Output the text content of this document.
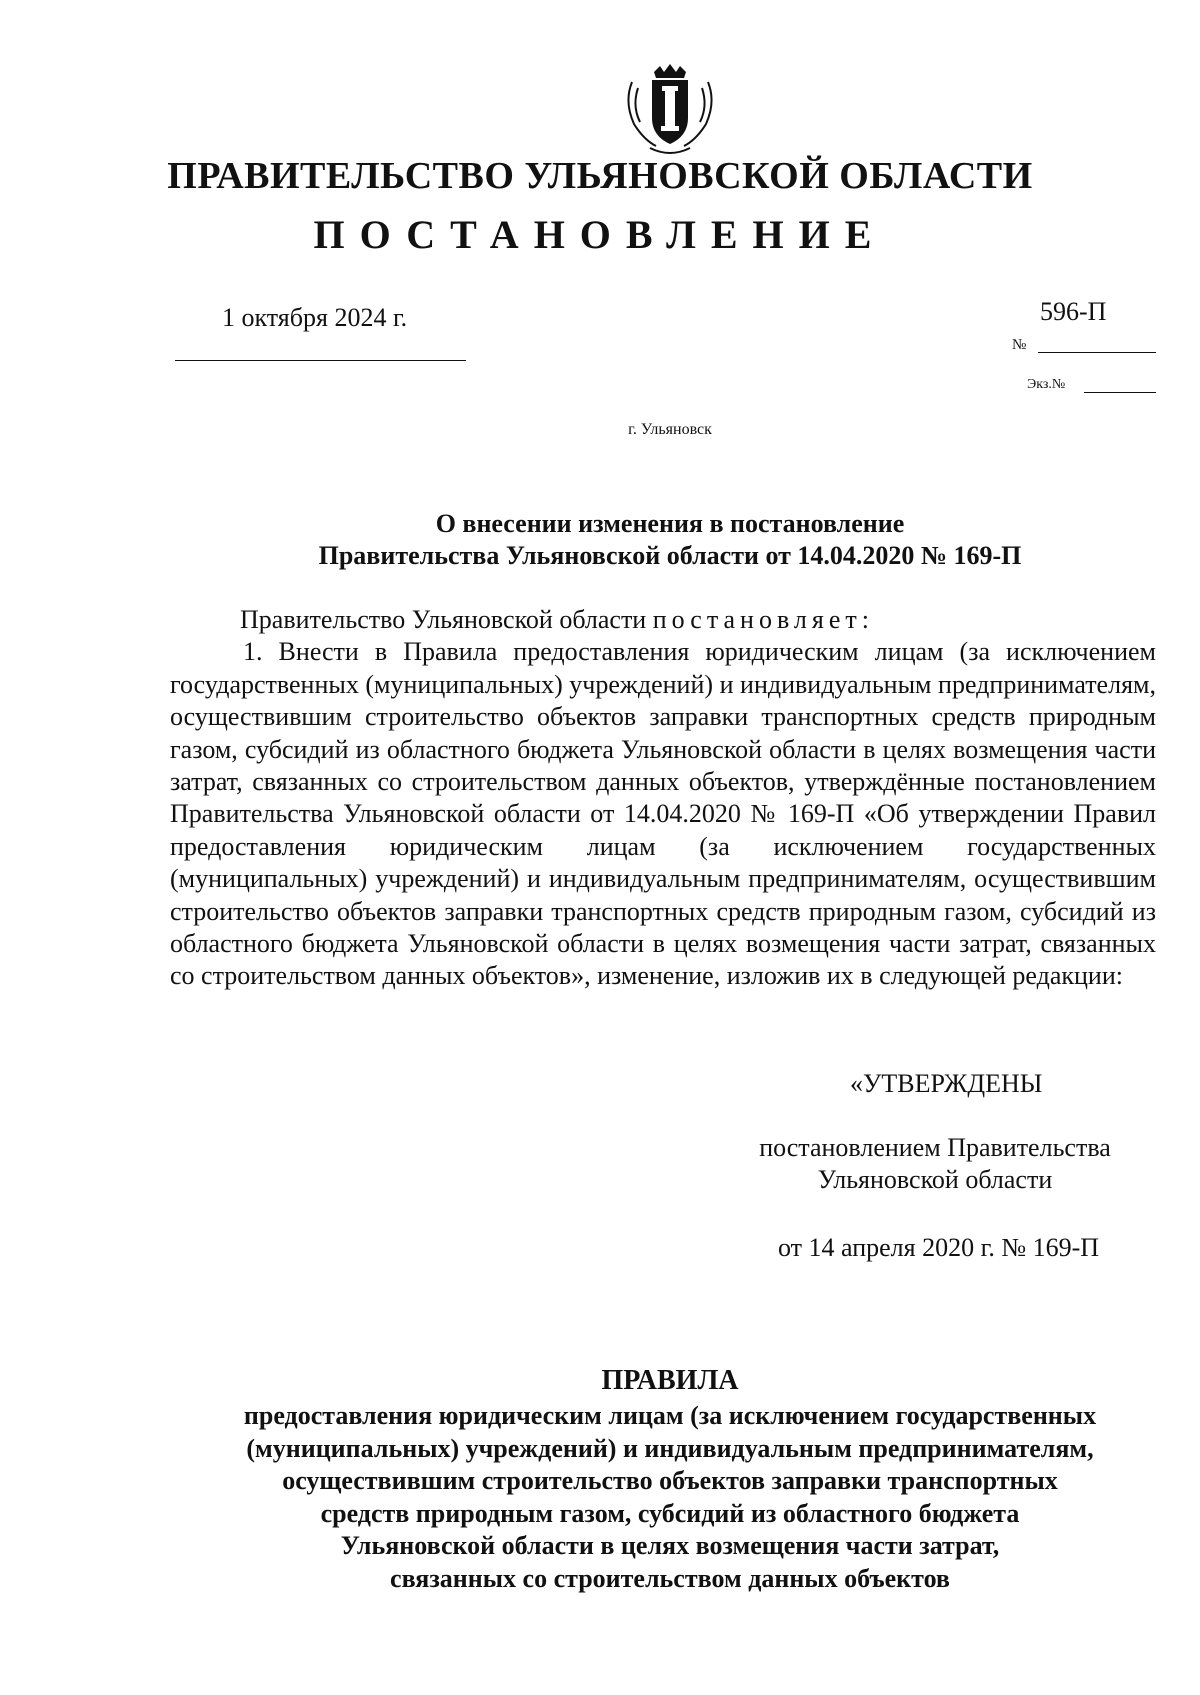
ПРАВИТЕЛЬСТВО УЛЬЯНОВСКОЙ ОБЛАСТИ
ПОСТАНОВЛЕНИЕ
1 октября 2024 г.	596-П
№
Экз.№
г. Ульяновск
О внесении изменения в постановление
Правительства Ульяновской области от 14.04.2020 № 169-П

Правительство Ульяновской области постановляет:

1. Внести в Правила предоставления юридическим лицам (за исключением государственных (муниципальных) учреждений) и индивидуальным предпринимателям, осуществившим строительство объектов заправки транспортных средств природным газом, субсидий из областного бюджета Ульяновской области в целях возмещения части затрат, связанных со строительством данных объектов, утверждённые постановлением Правительства Ульяновской области от 14.04.2020 № 169-П «Об утверждении Правил предоставления юридическим лицам (за исключением государственных (муниципальных) учреждений) и индивидуальным предпринимателям, осуществившим строительство объектов заправки транспортных средств природным газом, субсидий из областного бюджета Ульяновской области в целях возмещения части затрат, связанных со строительством данных объектов», изменение, изложив их в следующей редакции:

«УТВЕРЖДЕНЫ
постановлением Правительства
Ульяновской области
от 14 апреля 2020 г. № 169-П
ПРАВИЛА
предоставления юридическим лицам (за исключением государственных
(муниципальных) учреждений) и индивидуальным предпринимателям,
осуществившим строительство объектов заправки транспортных
средств природным газом, субсидий из областного бюджета
Ульяновской области в целях возмещения части затрат,
связанных со строительством данных объектов
